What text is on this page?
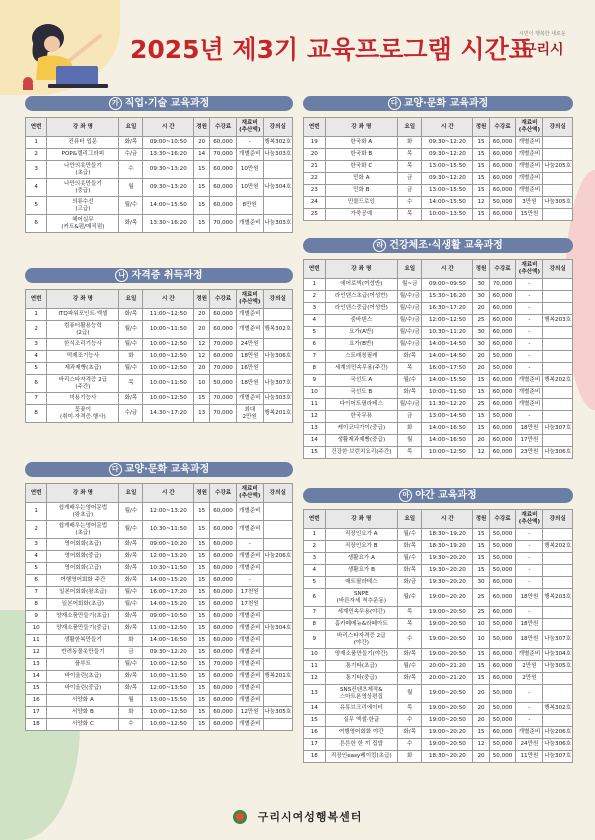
2025년 제3기 교육프로그램 시간표
시민이 행복한 새로운
구리시
가 직업·기술 교육과정
연번	강 좌 명	요일	시 간	정원	수강료	재료비
(추산액)	강의실
1	컨퓨터 입문	화/목	09:00~10:50	20	60,000	-	행복302호
2	POP&캘리그라피	수/금	13:30~16:20	14	70,000	개별준비	나눔303호
3	나만의옷만들기
(초급)	수	09:30~13:20	15	60,000	10만원	
4	나만의옷만들기
(중급)	월	09:30~13:20	15	60,000	10만원	나눔304호
5	의류수선
(고급)	월/수	14:00~15:50	15	60,000	8만원	
6	헤어실무
(커트&펌/매직펌)	화/목	13:30~16:20	15	70,000	개별준비	나눔303호
나 자격증 취득과정
연번	강 좌 명	요일	시 간	정원	수강료	재료비
(추산액)	강의실
1	ITQ파워포인트·엑셀	화/목	11:00~12:50	20	60,000	개별준비	
2	컴퓨터활용능력
(2급)	월/수	10:00~11:50	20	60,000	개별준비	행복302호
3	한식조리기능사	월/수	10:00~12:50	12	70,000	24만원	
4	떡제조기능사	화	10:00~12:50	12	60,000	18만원	나눔306호
5	제과제빵(초급)	월/수	10:00~12:50	20	70,000	16만원	
6	바리스타자격증 2급
(주간)	목	10:00~11:50	10	50,000	18만원	나눔307호
7	미용기능사	화/목	10:00~12:50	15	70,000	개별준비	나눔303호
8	꽃꽂이
(취미·자격증·행사)	수/금	14:30~17:20	13	70,000	최대
2만원	행복201호
다 교양·문화 교육과정
연번	강 좌 명	요일	시 간	정원	수강료	재료비
(추산액)	강의실
1	쉽게배우는영어문법
(왕초급)	월/수	12:00~13:20	15	60,000	개별준비	
2	쉽게배우는영어문법
(초급)	월/수	10:30~11:50	15	60,000	개별준비	
3	영어회화(초급)	화/목	09:00~10:20	15	60,000	-	
4	영어회화(중급)	화/목	12:00~13:20	15	60,000	개별준비	나눔206호
5	영어회화(고급)	화/목	10:30~11:50	15	60,000	개별준비	
6	여행영어회화 주간	화/목	14:00~15:20	15	60,000	-	
7	일본어회화(왕초급)	월/수	16:00~17:20	15	60,000	17천원	
8	일본어회화(초급)	월/수	14:00~15:20	15	60,000	17천원	
9	양재소품만들기(초급)	화/목	09:00~10:50	15	60,000	개별준비	
10	양재소품만들기(중급)	화/목	11:00~12:50	15	60,000	개별준비	나눔304호
11	생활한복만들기	화	14:00~16:50	15	60,000	개별준비	
12	반려동물옷만들기	금	09:30~12:20	15	60,000	개별준비	
13	플루트	월/수	10:00~12:50	15	70,000	개별준비	
14	바이올린(초급)	화/목	10:00~11:50	15	60,000	개별준비	행복201호
15	바이올린(중급)	화/목	12:00~13:50	15	60,000	개별준비	
16	서양화 A	월	13:00~15:50	15	60,000	개별준비	
17	서양화 B	화	10:00~12:50	15	60,000	12만원	나눔305호
18	서양화 C	수	10:00~12:50	15	60,000	개별준비	
다 교양·문화 교육과정
연번	강 좌 명	요일	시 간	정원	수강료	재료비
(추산액)	강의실
19	한국화 A	화	09:30~12:20	15	60,000	개별준비	
20	한국화 B	목	09:30~12:20	15	60,000	개별준비	
21	한국화 C	목	13:00~15:50	15	60,000	개별준비	나눔205호
22	민화 A	금	09:30~12:20	15	60,000	개별준비	
23	민화 B	금	13:00~15:50	15	60,000	개별준비	
24	민물드로잉	수	14:00~15:50	12	50,000	3만원	나눔305호
25	가죽공예	목	10:00~13:50	15	60,000	15만원	
라 건강체조·식생활 교육과정
연번	강 좌 명	요일	시 간	정원	수강료	재료비
(추산액)	강의실
1	에어로빅(여성반)	월~금	09:00~09:50	30	70,000	-	
2	라인댄스초급(여성반)	월/수/금	15:30~16:20	30	60,000	-	
3	라인댄스중급(여성반)	월/수/금	16:30~17:20	20	60,000	-	
4	줌바댄스	월/수/금	12:00~12:50	25	60,000	-	행복203호
5	요가(A반)	월/수/금	10:30~11:20	30	60,000	-	
6	요가(B반)	월/수/금	14:00~14:50	30	60,000	-	
7	스트레칭필레	화/목	14:00~14:50	20	50,000	-	
8	세계의민속무용(주간)	목	16:00~17:50	20	50,000	-	
9	국선도 A	월/수	14:00~15:50	15	60,000	개별준비	행복202호
10	국선도 B	화/목	10:00~11:50	15	60,000	개별준비	
11	다이어트필라테스	월/수/금	11:30~12:20	25	60,000	개별준비	
12	한국무용	금	13:00~14:50	15	50,000	-	
13	케이코디가이(중급)	화	14:00~16:50	15	60,000	18만원	나눔307호
14	생활제과제빵(중급)	월	14:00~16:50	20	60,000	17만원	
15	건강한 브런치요리(주간)	목	10:00~12:50	12	60,000	23만원	나눔306호
마 야간 교육과정
연번	강 좌 명	요일	시 간	정원	수강료	재료비
(추산액)	강의실
1	직장인요가 A	월/수	18:30~19:20	15	50,000	-	
2	직장인요가 B	화/목	18:30~19:20	15	50,000	-	행복202호
3	생활요가 A	월/수	19:30~20:20	15	50,000	-	
4	생활요가 B	화/목	19:30~20:20	15	50,000	-	
5	매트필라테스	화/금	19:30~20:20	30	60,000	-	
6	SNPE
(바른자세 척추운동)	월/수	19:00~20:20	25	60,000	18만원	행복203호
7	세계민속무용(야간)	목	19:00~20:50	25	60,000	-	
8	홈카페메뉴&라떼아트	목	19:00~20:50	10	50,000	18만원	
9	바리스타자격증 2급
(야간)	수	19:00~20:50	10	50,000	18만원	나눔307호
10	양재소품만들기(야간)	화/목	19:00~20:50	15	60,000	개별준비	나눔304호
11	통기타(초급)	월/수	20:00~21:20	15	60,000	2만원	나눔305호
12	통기타(중급)	화/목	20:00~21:20	15	60,000	2만원	
13	SNS컨텐츠제작&
스마트폰영상편집	월	19:00~20:50	20	50,000	-	
14	유튜브크리에이터	목	19:00~20:50	20	50,000	-	행복302호
15	실무 엑셀·한글	수	19:00~20:50	20	50,000	-	
16	여행영어회화 야간	화/목	19:00~20:20	15	60,000	개별준비	나눔206호
17	튼튼한 한 끼 집밥	수	19:00~20:50	12	50,000	24만원	나눔306호
18	직장인easy베이킹(초급)	화	18:30~20:20	20	50,000	11만원	나눔307호
구리시여성행복센터
